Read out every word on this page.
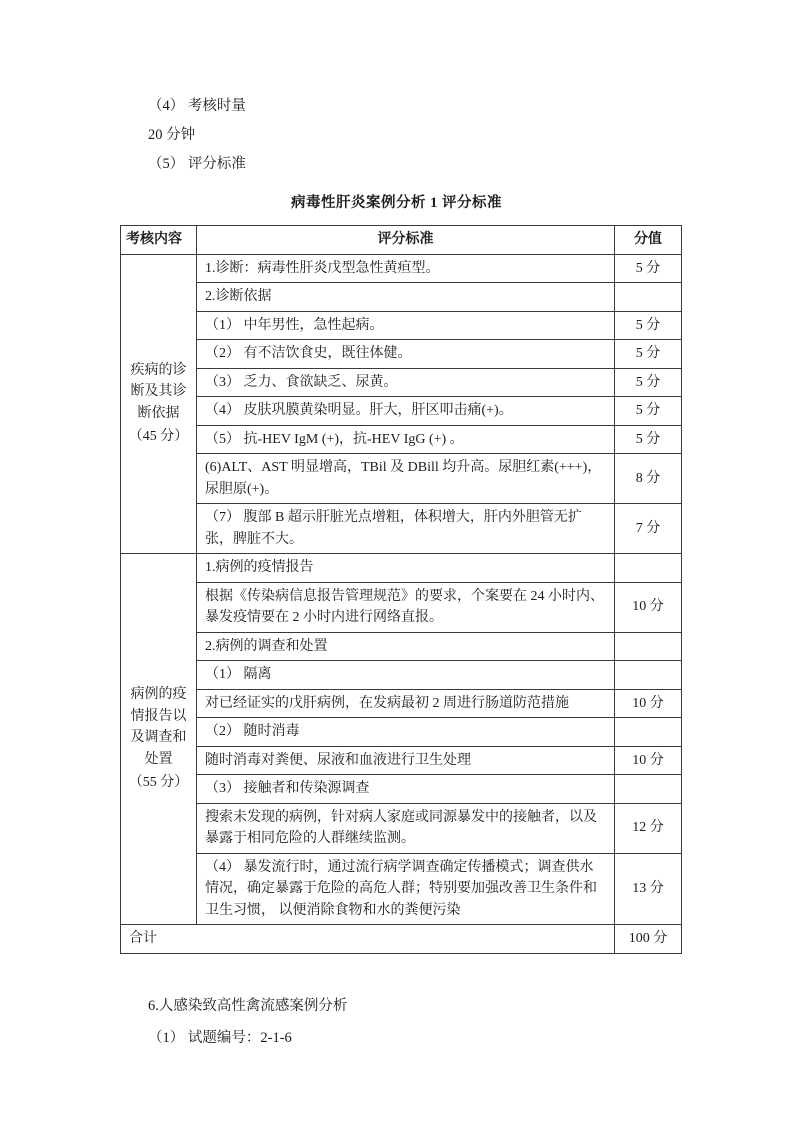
（4） 考核时量
20 分钟
（5） 评分标准
病毒性肝炎案例分析 1 评分标准
考核内容	评分标准	分值

疾病的诊断及其诊断依据
（45 分）	1.诊断：病毒性肝炎戊型急性黄疸型。	5 分
	2.诊断依据	
	（1） 中年男性，急性起病。	5 分
	（2） 有不洁饮食史，既往体健。	5 分
	（3） 乏力、食欲缺乏、尿黄。	5 分
	（4） 皮肤巩膜黄染明显。肝大，肝区叩击痛(+)。	5 分
	（5） 抗-HEV IgM (+)，抗-HEV IgG (+) 。	5 分
	(6)ALT、AST 明显增高，TBil 及 DBill 均升高。尿胆红素(+++)，尿胆原(+)。	8 分
	（7） 腹部 B 超示肝脏光点增粗，体积增大，肝内外胆管无扩张，脾脏不大。	7 分

病例的疫情报告以及调查和处置
（55 分）	1.病例的疫情报告	
	根据《传染病信息报告管理规范》的要求，个案要在 24 小时内、暴发疫情要在 2 小时内进行网络直报。	10 分
	2.病例的调查和处置	
	（1） 隔离	
	对已经证实的戊肝病例，在发病最初 2 周进行肠道防范措施	10 分
	（2） 随时消毒	
	随时消毒对粪便、尿液和血液进行卫生处理	10 分
	（3） 接触者和传染源调查	
	搜索未发现的病例，针对病人家庭或同源暴发中的接触者，以及暴露于相同危险的人群继续监测。	12 分
	（4） 暴发流行时，通过流行病学调查确定传播模式；调查供水情况，确定暴露于危险的高危人群；特别要加强改善卫生条件和卫生习惯， 以便消除食物和水的粪便污染	13 分
合计		100 分
6.人感染致高性禽流感案例分析
（1） 试题编号：2-1-6
